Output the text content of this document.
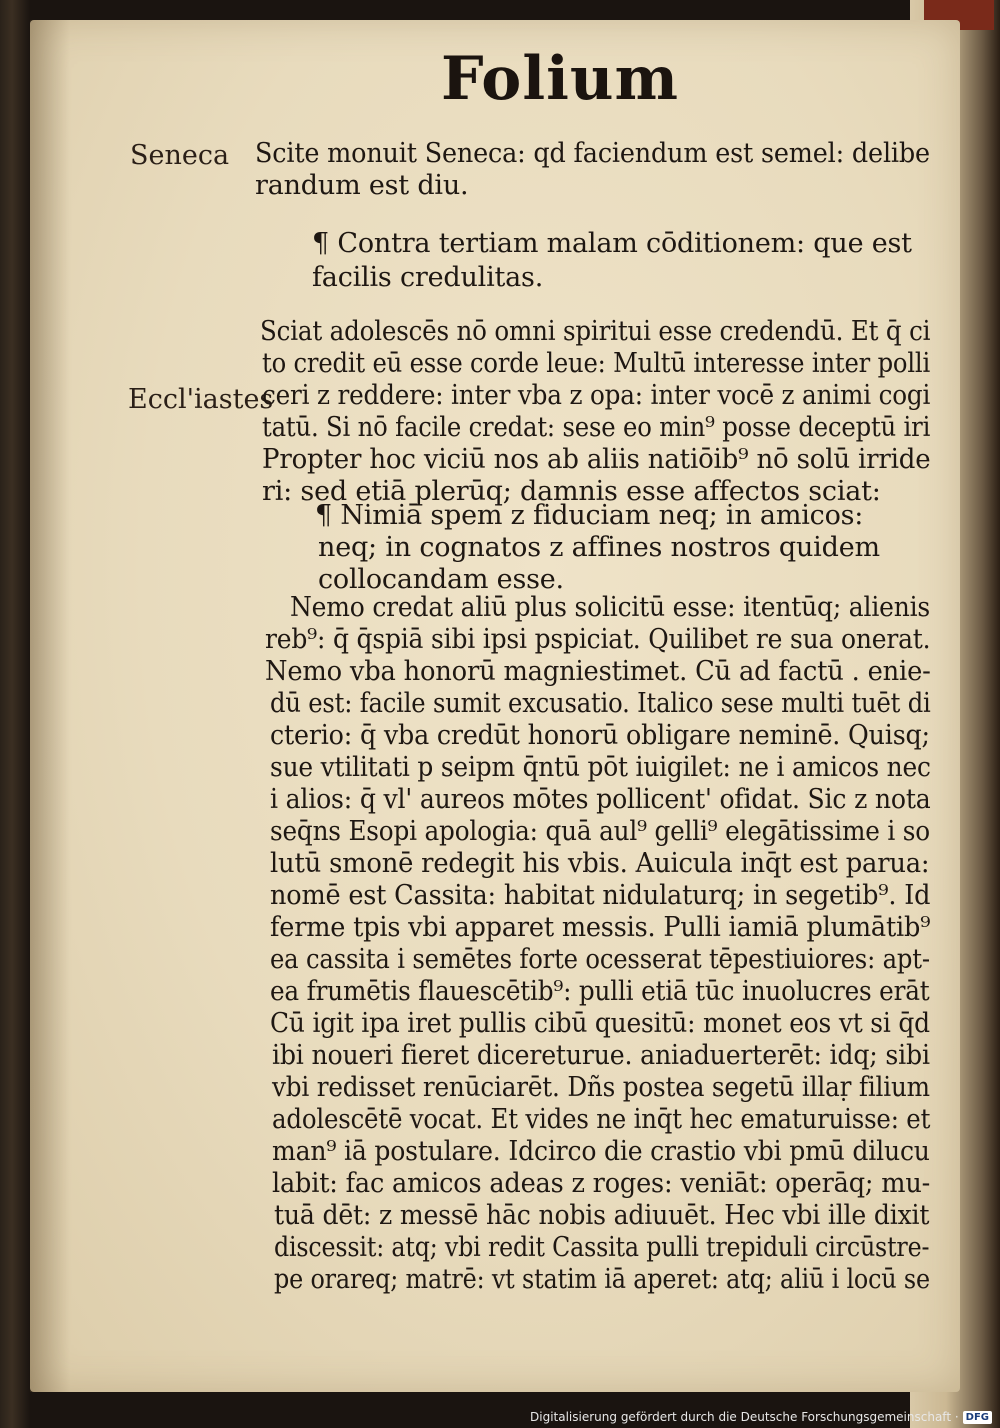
Folium
Seneca
Eccl'iastes
Scite monuit Seneca: qd faciendum est semel: delibe
randum est diu.
¶ Contra tertiam malam cōditionem: que est
facilis credulitas.
Sciat adolescēs nō omni spiritui esse credendū. Et q̄ ci
to credit eū esse corde leue: Multū interesse inter polli
ceri z reddere: inter vba z opa: inter vocē z animi cogi
tatū. Si nō facile credat: sese eo min⁹ posse deceptū iri
Propter hoc viciū nos ab aliis natiōib⁹ nō solū irride
ri: sed etiā plerūq; damnis esse affectos sciat:
¶ Nimiā spem z fiduciam neq; in amicos:
neq; in cognatos z affines nostros quidem
collocandam esse.
Nemo credat aliū plus solicitū esse: itentūq; alienis
reb⁹: q̄ q̄spiā sibi ipsi pspiciat. Quilibet re sua onerat.
Nemo vba honorū magniestimet. Cū ad factū . enie-
dū est: facile sumit excusatio. Italico sese multi tuēt di
cterio: q̄ vba credūt honorū obligare neminē. Quisq;
sue vtilitati p seipm q̄ntū pōt iuigilet: ne i amicos nec
i alios: q̄ vl' aureos mōtes pollicent' ofidat. Sic z nota
seq̄ns Esopi apologia: quā aul⁹ gelli⁹ elegātissime i so
lutū smonē redegit his vbis. Auicula inq̄t est parua:
nomē est Cassita: habitat nidulaturq; in segetib⁹. Id
ferme tpis vbi apparet messis. Pulli iamiā plumātib⁹
ea cassita i semētes forte ocesserat tēpestiuiores: apt-
ea frumētis flauescētib⁹: pulli etiā tūc inuolucres erāt
Cū igit ipa iret pullis cibū quesitū: monet eos vt si q̄d
ibi noueri fieret dicereturue. aniaduerterēt: idq; sibi
vbi redisset renūciarēt. Dñs postea segetū illaṛ filium
adolescētē vocat. Et vides ne inq̄t hec ematuruisse: et
man⁹ iā postulare. Idcirco die crastio vbi pmū dilucu
labit: fac amicos adeas z roges: veniāt: operāq; mu-
tuā dēt: z messē hāc nobis adiuuēt. Hec vbi ille dixit
discessit: atq; vbi redit Cassita pulli trepiduli circūstre-
pe orareq; matrē: vt statim iā aperet: atq; aliū i locū se
Digitalisierung gefördert durch die Deutsche Forschungsgemeinschaft · DFG
